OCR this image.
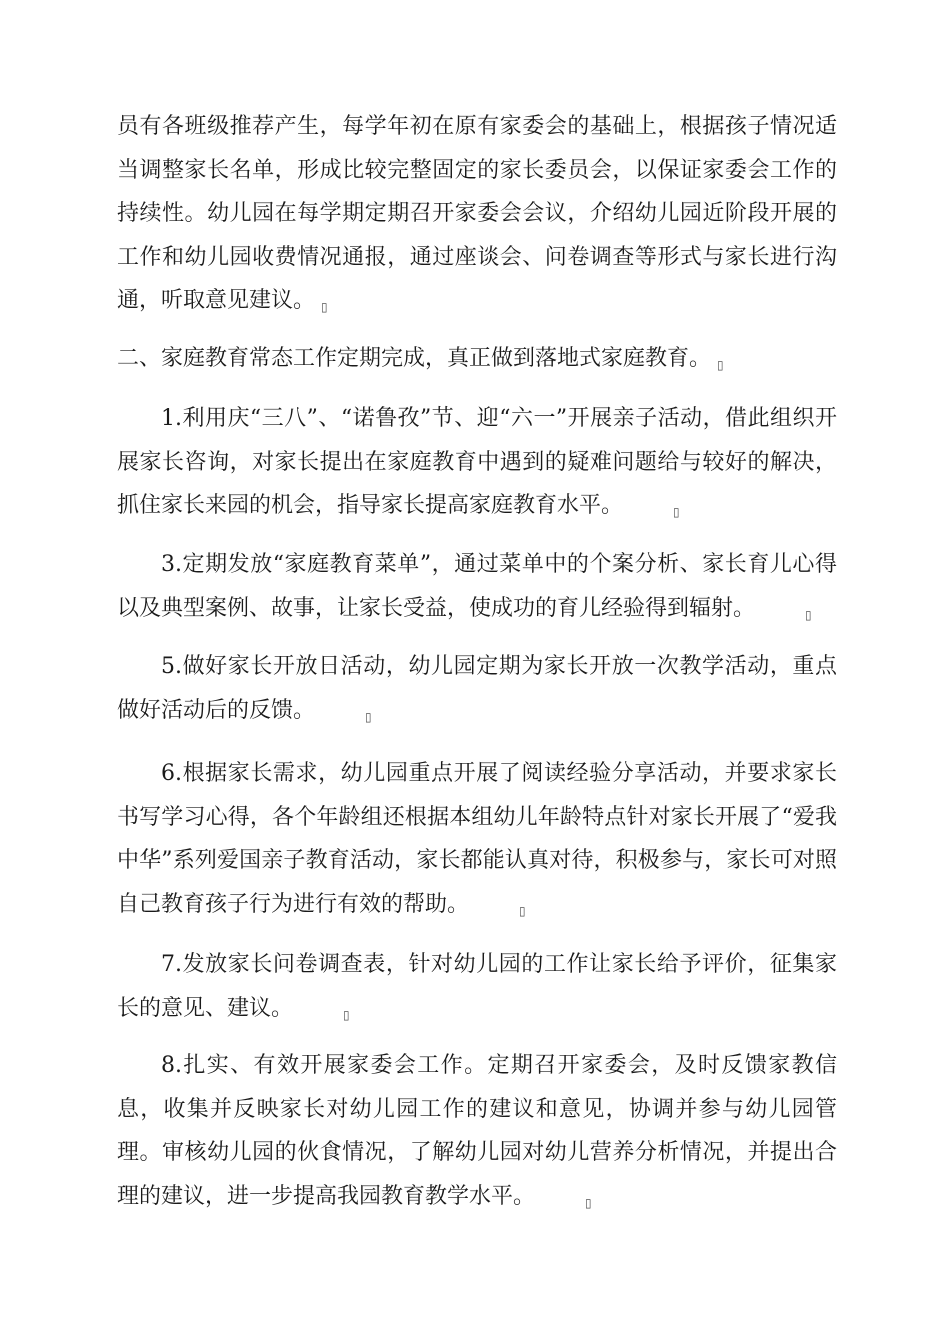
员有各班级推荐产生，每学年初在原有家委会的基础上，根据孩子情况适当调整家长名单，形成比较完整固定的家长委员会，以保证家委会工作的持续性。幼儿园在每学期定期召开家委会会议，介绍幼儿园近阶段开展的工作和幼儿园收费情况通报，通过座谈会、问卷调查等形式与家长进行沟通，听取意见建议。 ▯

二、家庭教育常态工作定期完成，真正做到落地式家庭教育。 ▯

1.利用庆“三八”、“诺鲁孜”节、迎“六一”开展亲子活动，借此组织开展家长咨询，对家长提出在家庭教育中遇到的疑难问题给与较好的解决，抓住家长来园的机会，指导家长提高家庭教育水平。	▯

3.定期发放“家庭教育菜单”，通过菜单中的个案分析、家长育儿心得以及典型案例、故事，让家长受益，使成功的育儿经验得到辐射。	▯

5.做好家长开放日活动，幼儿园定期为家长开放一次教学活动，重点做好活动后的反馈。	▯

6.根据家长需求，幼儿园重点开展了阅读经验分享活动，并要求家长书写学习心得，各个年龄组还根据本组幼儿年龄特点针对家长开展了“爱我中华”系列爱国亲子教育活动，家长都能认真对待，积极参与，家长可对照自己教育孩子行为进行有效的帮助。	▯

7.发放家长问卷调查表，针对幼儿园的工作让家长给予评价，征集家长的意见、建议。	▯

8.扎实、有效开展家委会工作。定期召开家委会，及时反馈家教信息，收集并反映家长对幼儿园工作的建议和意见，协调并参与幼儿园管理。审核幼儿园的伙食情况，了解幼儿园对幼儿营养分析情况，并提出合理的建议，进一步提高我园教育教学水平。	▯
